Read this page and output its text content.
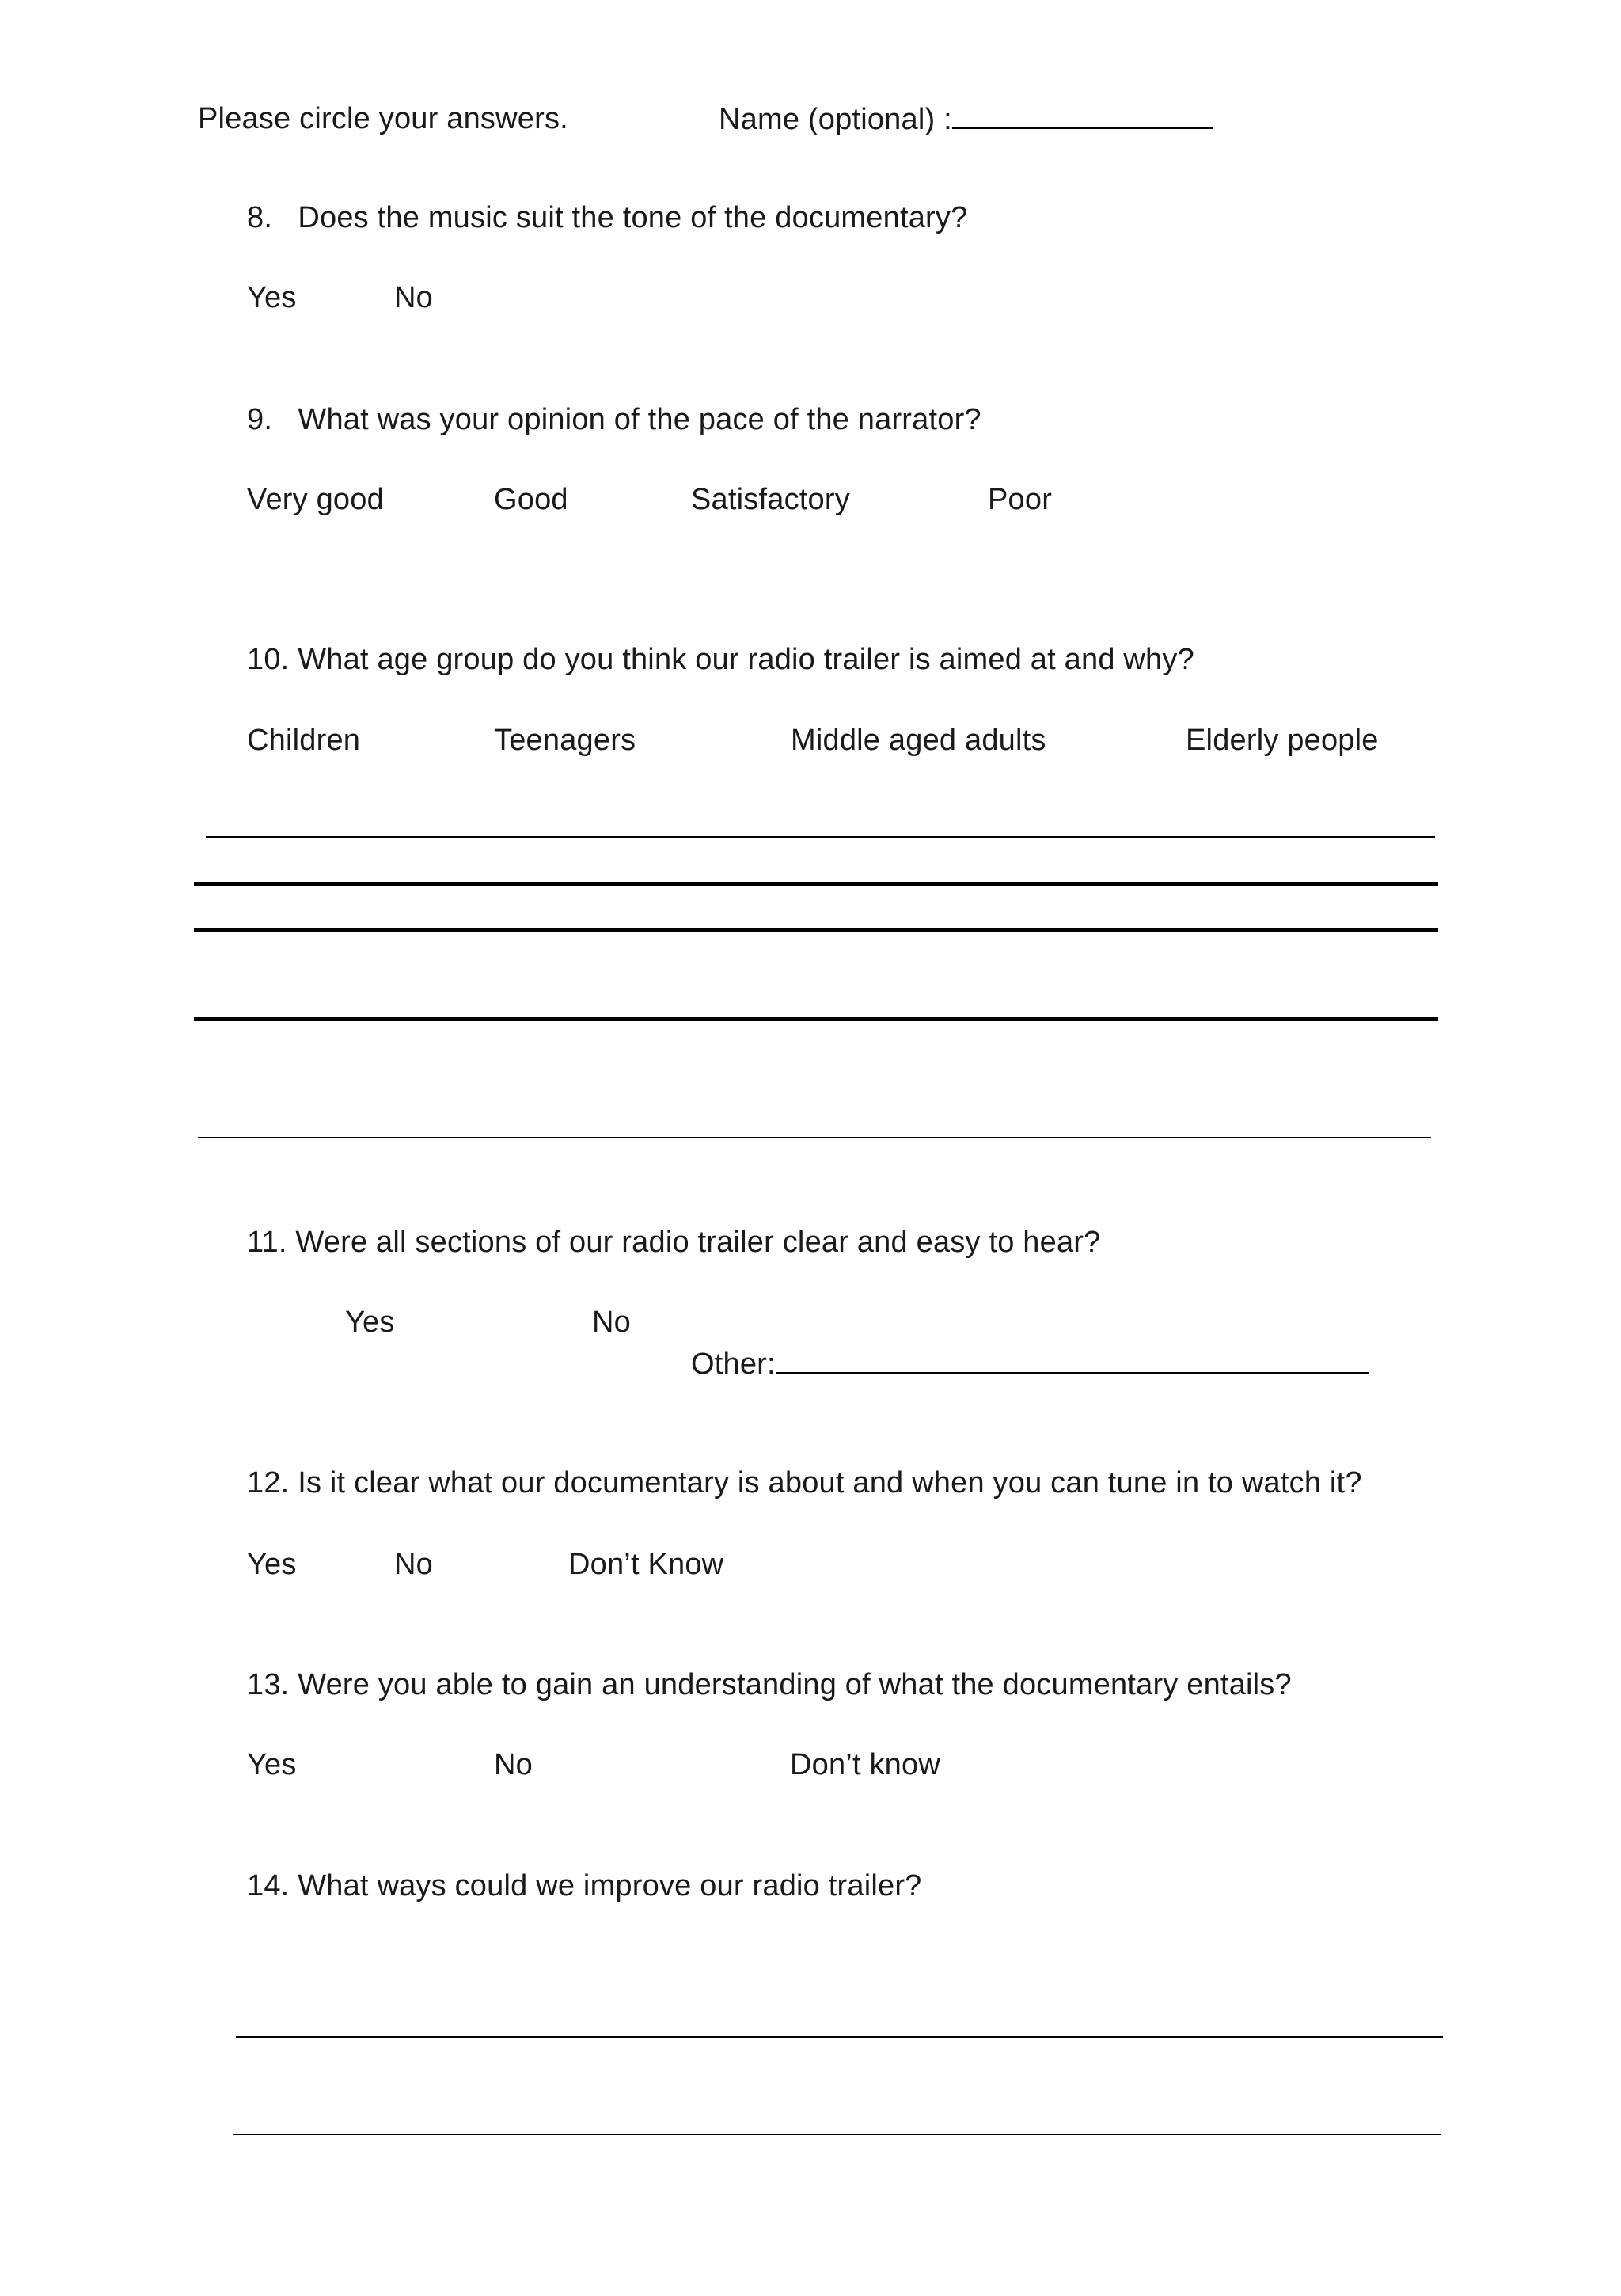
Please circle your answers.	Name (optional) :
8. Does the music suit the tone of the documentary?
Yes	No
9. What was your opinion of the pace of the narrator?
Very good	Good	Satisfactory	Poor
10. What age group do you think our radio trailer is aimed at and why?
Children	Teenagers	Middle aged adults	Elderly people
11. Were all sections of our radio trailer clear and easy to hear?
Yes	No
Other:
12. Is it clear what our documentary is about and when you can tune in to watch it?
Yes	No	Don’t Know
13. Were you able to gain an understanding of what the documentary entails?
Yes	No	Don’t know
14. What ways could we improve our radio trailer?
